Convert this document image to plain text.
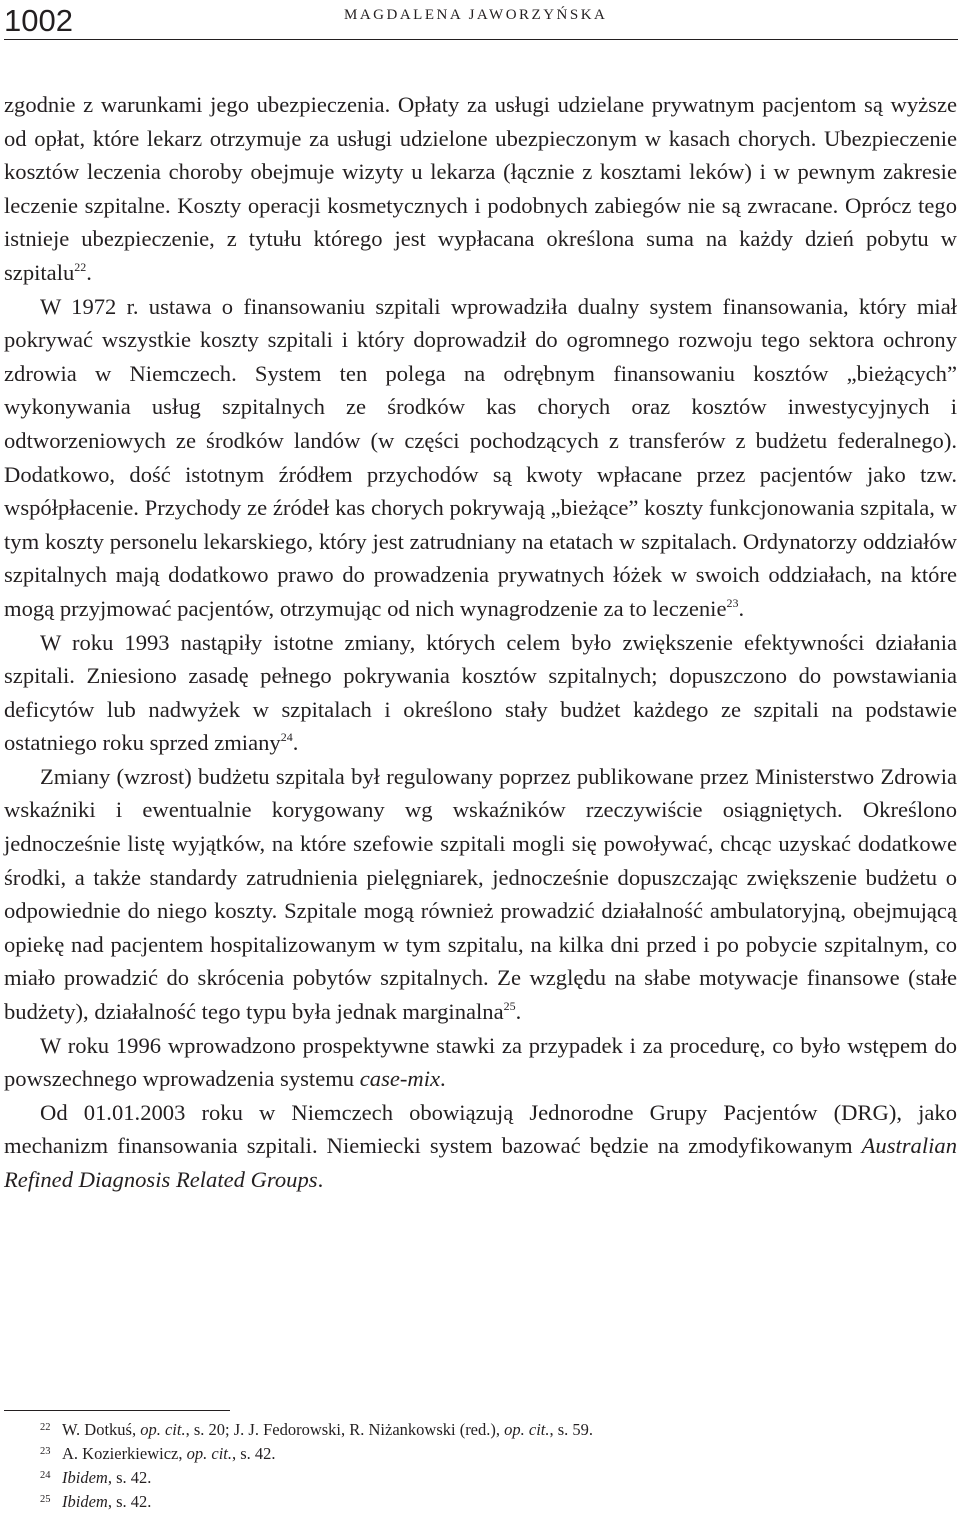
1002	MAGDALENA JAWORZYŃSKA

zgodnie z warunkami jego ubezpieczenia. Opłaty za usługi udzielane prywatnym pacjentom są wyższe od opłat, które lekarz otrzymuje za usługi udzielone ubezpieczonym w kasach chorych. Ubezpieczenie kosztów leczenia choroby obejmuje wizyty u lekarza (łącznie z kosztami leków) i w pewnym zakresie leczenie szpitalne. Koszty operacji kosmetycznych i podobnych zabiegów nie są zwracane. Oprócz tego istnieje ubezpieczenie, z tytułu którego jest wypłacana określona suma na każdy dzień pobytu w szpitalu$^{22}$.

W 1972 r. ustawa o finansowaniu szpitali wprowadziła dualny system finansowania, który miał pokrywać wszystkie koszty szpitali i który doprowadził do ogromnego rozwoju tego sektora ochrony zdrowia w Niemczech. System ten polega na odrębnym finansowaniu kosztów „bieżących” wykonywania usług szpitalnych ze środków kas chorych oraz kosztów inwestycyjnych i odtworzeniowych ze środków landów (w części pochodzących z transferów z budżetu federalnego). Dodatkowo, dość istotnym źródłem przychodów są kwoty wpłacane przez pacjentów jako tzw. współpłacenie. Przychody ze źródeł kas chorych pokrywają „bieżące” koszty funkcjonowania szpitala, w tym koszty personelu lekarskiego, który jest zatrudniany na etatach w szpitalach. Ordynatorzy oddziałów szpitalnych mają dodatkowo prawo do prowadzenia prywatnych łóżek w swoich oddziałach, na które mogą przyjmować pacjentów, otrzymując od nich wynagrodzenie za to leczenie$^{23}$.

W roku 1993 nastąpiły istotne zmiany, których celem było zwiększenie efektywności działania szpitali. Zniesiono zasadę pełnego pokrywania kosztów szpitalnych; dopuszczono do powstawiania deficytów lub nadwyżek w szpitalach i określono stały budżet każdego ze szpitali na podstawie ostatniego roku sprzed zmiany$^{24}$.

Zmiany (wzrost) budżetu szpitala był regulowany poprzez publikowane przez Ministerstwo Zdrowia wskaźniki i ewentualnie korygowany wg wskaźników rzeczywiście osiągniętych. Określono jednocześnie listę wyjątków, na które szefowie szpitali mogli się powoływać, chcąc uzyskać dodatkowe środki, a także standardy zatrudnienia pielęgniarek, jednocześnie dopuszczając zwiększenie budżetu o odpowiednie do niego koszty. Szpitale mogą również prowadzić działalność ambulatoryjną, obejmującą opiekę nad pacjentem hospitalizowanym w tym szpitalu, na kilka dni przed i po pobycie szpitalnym, co miało prowadzić do skrócenia pobytów szpitalnych. Ze względu na słabe motywacje finansowe (stałe budżety), działalność tego typu była jednak marginalna$^{25}$.

W roku 1996 wprowadzono prospektywne stawki za przypadek i za procedurę, co było wstępem do powszechnego wprowadzenia systemu case-mix.

Od 01.01.2003 roku w Niemczech obowiązują Jednorodne Grupy Pacjentów (DRG), jako mechanizm finansowania szpitali. Niemiecki system bazować będzie na zmodyfikowanym Australian Refined Diagnosis Related Groups.

22 W. Dotkuś, op. cit., s. 20; J. J. Fedorowski, R. Niżankowski (red.), op. cit., s. 59.
23 A. Kozierkiewicz, op. cit., s. 42.
24 Ibidem, s. 42.
25 Ibidem, s. 42.
